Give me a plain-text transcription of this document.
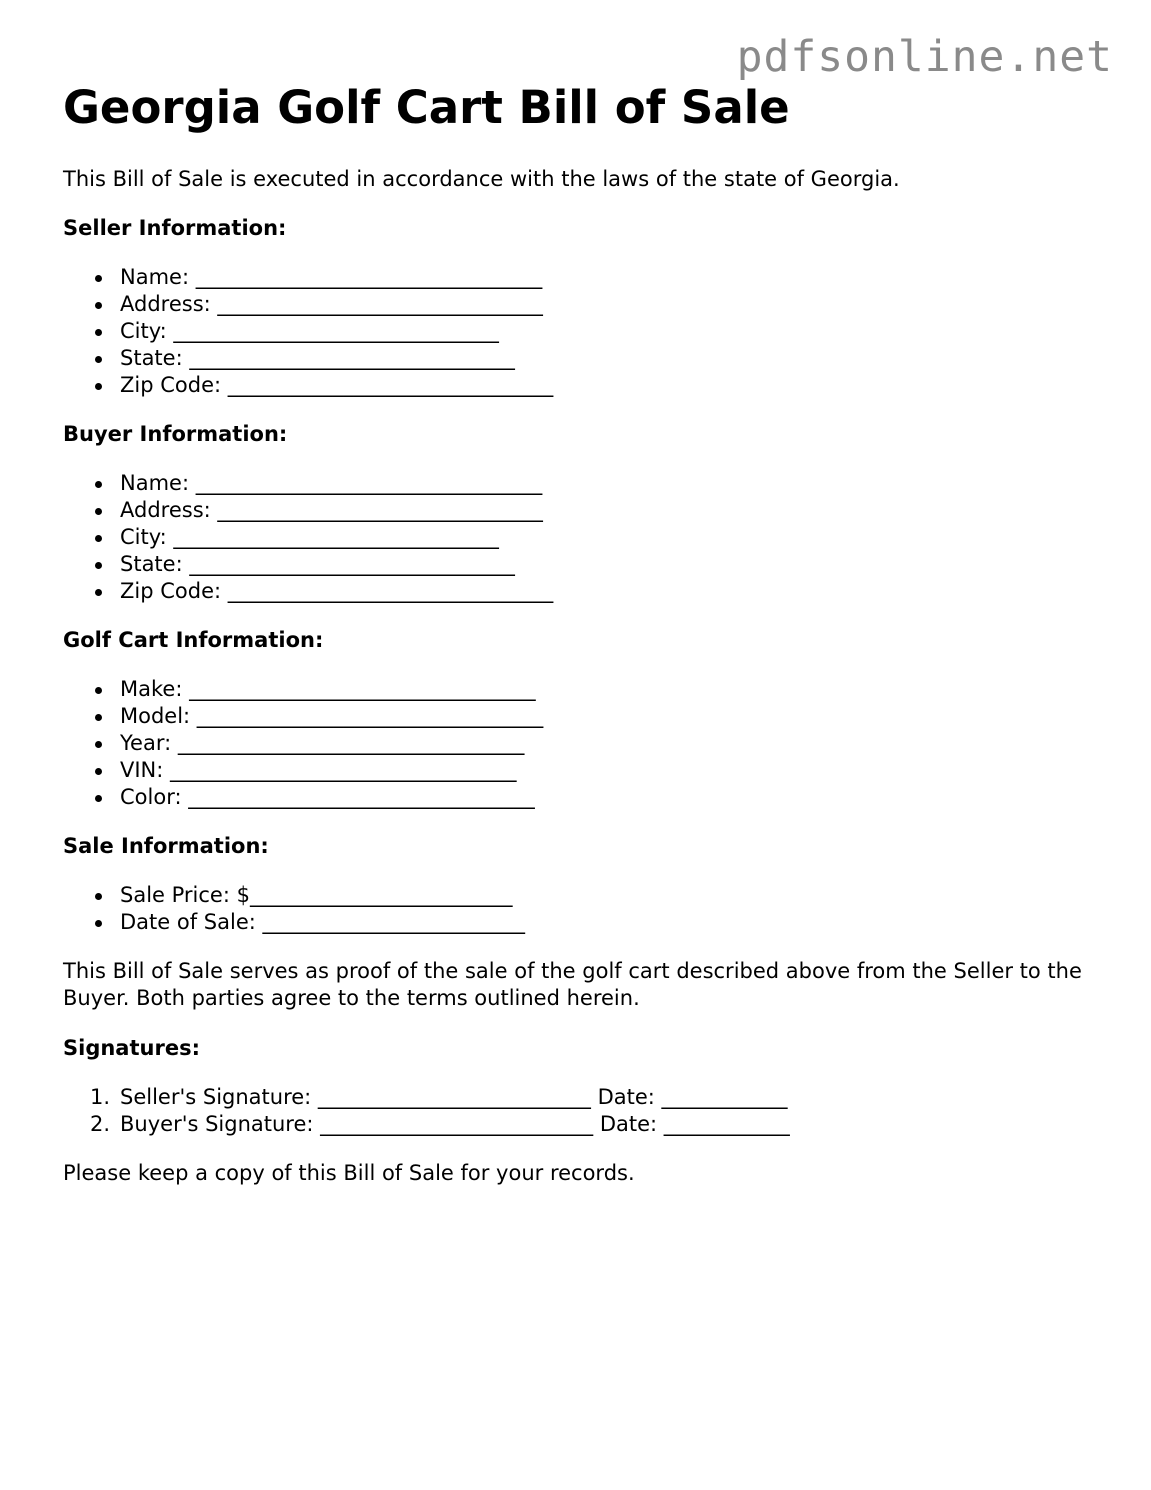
pdfsonline.net
Georgia Golf Cart Bill of Sale

This Bill of Sale is executed in accordance with the laws of the state of Georgia.

Seller Information:

Name: _________________________________
Address: _______________________________
City: _______________________________
State: _______________________________
Zip Code: _______________________________

Buyer Information:

Name: _________________________________
Address: _______________________________
City: _______________________________
State: _______________________________
Zip Code: _______________________________

Golf Cart Information:

Make: _________________________________
Model: _________________________________
Year: _________________________________
VIN: _________________________________
Color: _________________________________

Sale Information:

Sale Price: $_________________________
Date of Sale: _________________________

This Bill of Sale serves as proof of the sale of the golf cart described above from the Seller to the Buyer. Both parties agree to the terms outlined herein.

Signatures:

1. Seller's Signature: __________________________ Date: ____________
2. Buyer's Signature: __________________________ Date: ____________

Please keep a copy of this Bill of Sale for your records.
